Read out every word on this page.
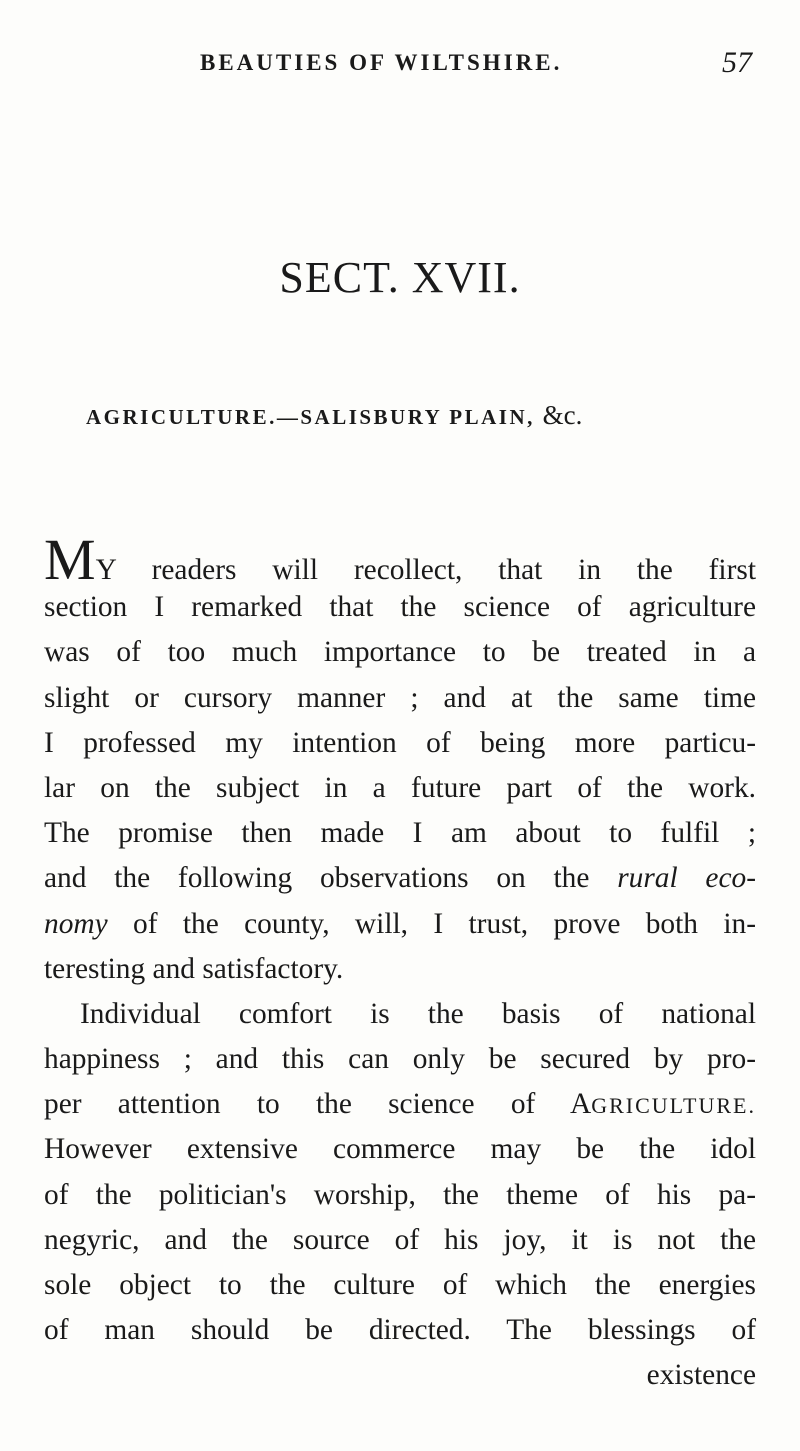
BEAUTIES OF WILTSHIRE.	57
SECT. XVII.
AGRICULTURE.—SALISBURY PLAIN, &c.
MY readers will recollect, that in the first
section I remarked that the science of agriculture
was of too much importance to be treated in a
slight or cursory manner ; and at the same time
I professed my intention of being more particu-
lar on the subject in a future part of the work.
The promise then made I am about to fulfil ;
and the following observations on the rural eco-
nomy of the county, will, I trust, prove both in-
teresting and satisfactory.
Individual comfort is the basis of national
happiness ; and this can only be secured by pro-
per attention to the science of AGRICULTURE.
However extensive commerce may be the idol
of the politician's worship, the theme of his pa-
negyric, and the source of his joy, it is not the
sole object to the culture of which the energies
of man should be directed. The blessings of
existence
